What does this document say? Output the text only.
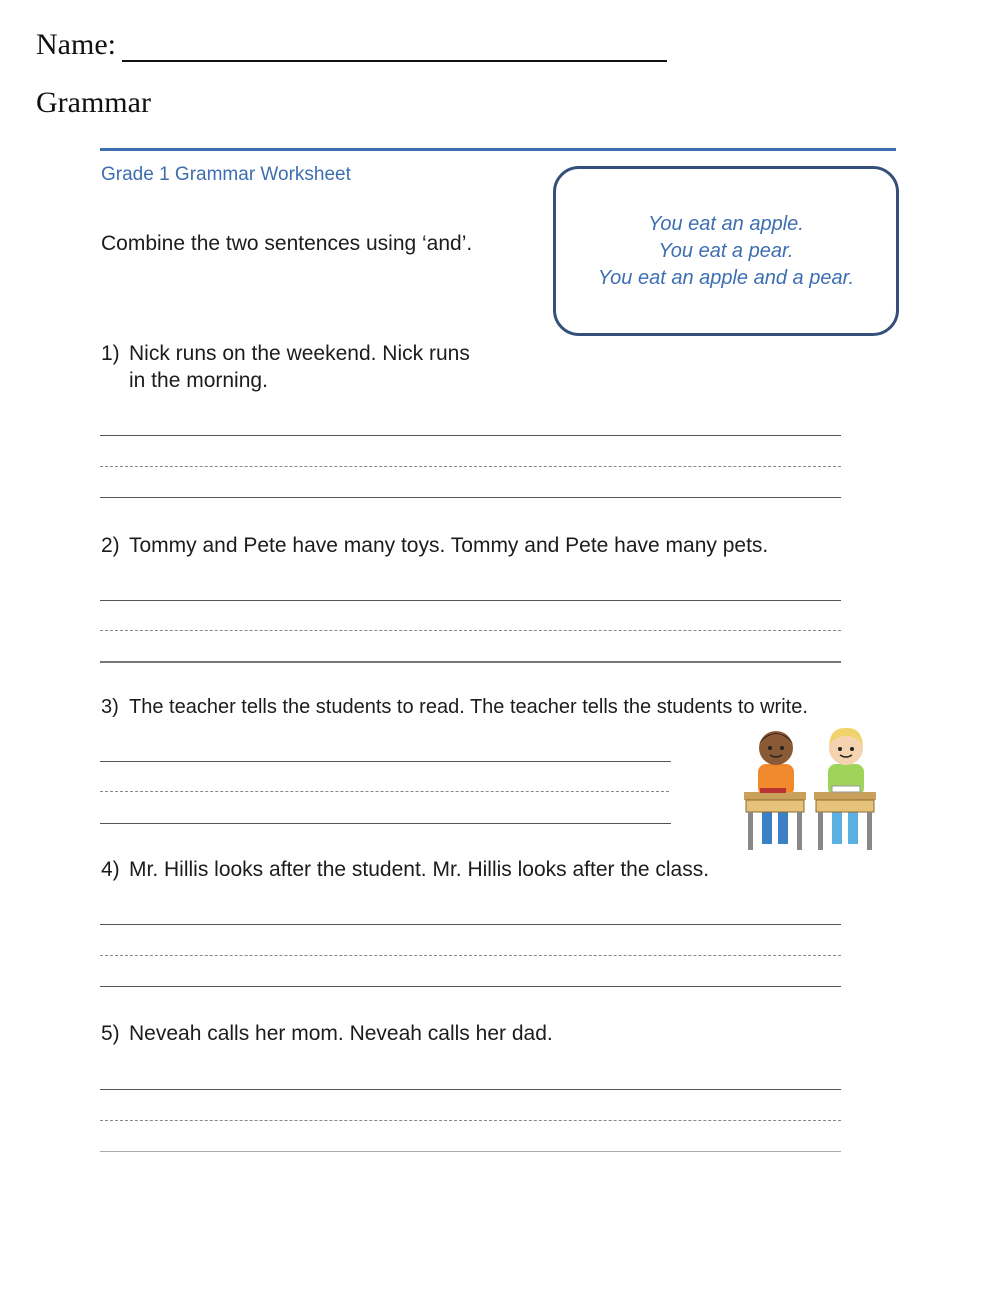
Name:
Grammar
Grade 1 Grammar Worksheet
Combine the two sentences using ‘and’.
You eat an apple.
You eat a pear.
You eat an apple and a pear.
1) Nick runs on the weekend. Nick runs
in the morning.
2) Tommy and Pete have many toys. Tommy and Pete have many pets.
3) The teacher tells the students to read. The teacher tells the students to write.
4) Mr. Hillis looks after the student. Mr. Hillis looks after the class.
5) Neveah calls her mom. Neveah calls her dad.
